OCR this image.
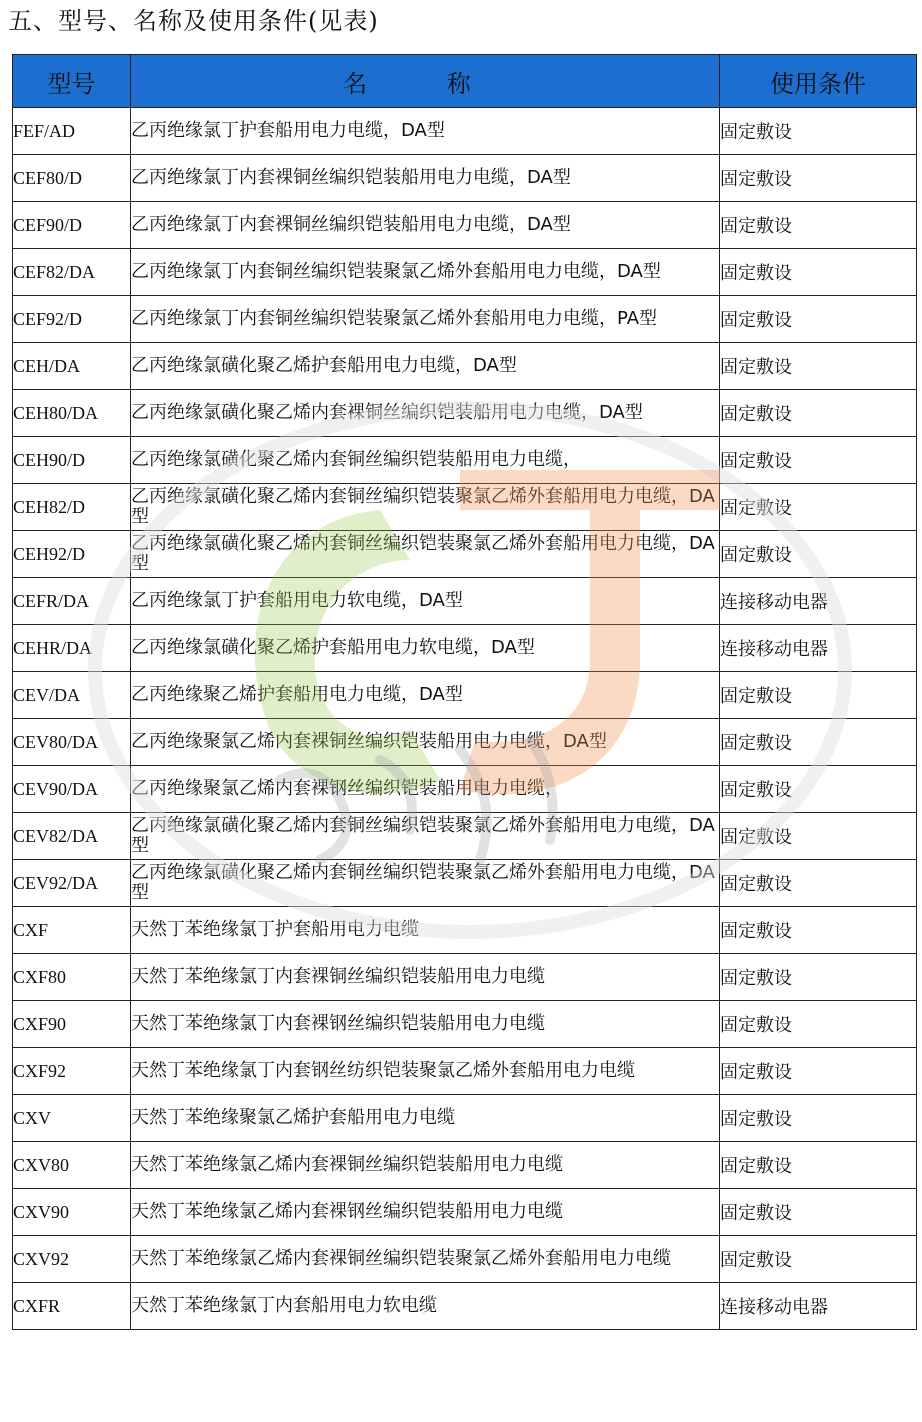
五、型号、名称及使用条件(见表)
型号	名 称	使用条件
FEF/AD	乙丙绝缘氯丁护套船用电力电缆，DA型	固定敷设
CEF80/D	乙丙绝缘氯丁内套裸铜丝编织铠装船用电力电缆，DA型	固定敷设
CEF90/D	乙丙绝缘氯丁内套裸铜丝编织铠装船用电力电缆，DA型	固定敷设
CEF82/DA	乙丙绝缘氯丁内套铜丝编织铠装聚氯乙烯外套船用电力电缆，DA型	固定敷设
CEF92/D	乙丙绝缘氯丁内套铜丝编织铠装聚氯乙烯外套船用电力电缆，PA型	固定敷设
CEH/DA	乙丙绝缘氯磺化聚乙烯护套船用电力电缆，DA型	固定敷设
CEH80/DA	乙丙绝缘氯磺化聚乙烯内套裸铜丝编织铠装船用电力电缆，DA型	固定敷设
CEH90/D	乙丙绝缘氯磺化聚乙烯内套铜丝编织铠装船用电力电缆，	固定敷设
CEH82/D	乙丙绝缘氯磺化聚乙烯内套铜丝编织铠装聚氯乙烯外套船用电力电缆，DA型	固定敷设
CEH92/D	乙丙绝缘氯磺化聚乙烯内套铜丝编织铠装聚氯乙烯外套船用电力电缆，DA型	固定敷设
CEFR/DA	乙丙绝缘氯丁护套船用电力软电缆，DA型	连接移动电器
CEHR/DA	乙丙绝缘氯磺化聚乙烯护套船用电力软电缆，DA型	连接移动电器
CEV/DA	乙丙绝缘聚乙烯护套船用电力电缆，DA型	固定敷设
CEV80/DA	乙丙绝缘聚氯乙烯内套裸铜丝编织铠装船用电力电缆，DA型	固定敷设
CEV90/DA	乙丙绝缘聚氯乙烯内套裸钢丝编织铠装船用电力电缆，	固定敷设
CEV82/DA	乙丙绝缘氯磺化聚乙烯内套铜丝编织铠装聚氯乙烯外套船用电力电缆，DA型	固定敷设
CEV92/DA	乙丙绝缘氯磺化聚乙烯内套铜丝编织铠装聚氯乙烯外套船用电力电缆，DA型	固定敷设
CXF	天然丁苯绝缘氯丁护套船用电力电缆	固定敷设
CXF80	天然丁苯绝缘氯丁内套裸铜丝编织铠装船用电力电缆	固定敷设
CXF90	天然丁苯绝缘氯丁内套裸钢丝编织铠装船用电力电缆	固定敷设
CXF92	天然丁苯绝缘氯丁内套钢丝纺织铠装聚氯乙烯外套船用电力电缆	固定敷设
CXV	天然丁苯绝缘聚氯乙烯护套船用电力电缆	固定敷设
CXV80	天然丁苯绝缘氯乙烯内套裸铜丝编织铠装船用电力电缆	固定敷设
CXV90	天然丁苯绝缘氯乙烯内套裸钢丝编织铠装船用电力电缆	固定敷设
CXV92	天然丁苯绝缘氯乙烯内套裸铜丝编织铠装聚氯乙烯外套船用电力电缆	固定敷设
CXFR	天然丁苯绝缘氯丁内套船用电力软电缆	连接移动电器
